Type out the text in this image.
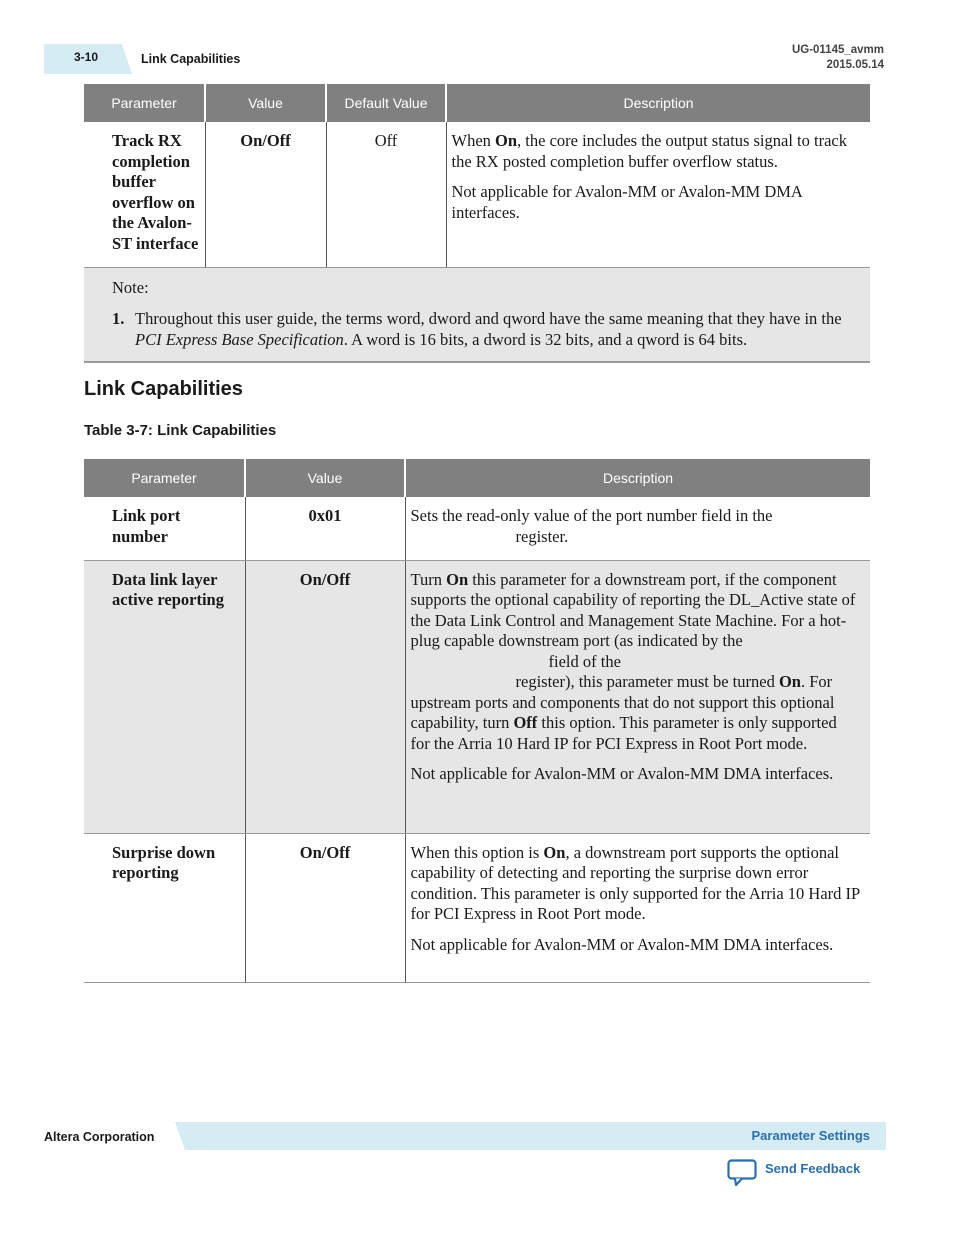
3-10	Link Capabilities
UG-01145_avmm
2015.05.14
Parameter	Value	Default Value	Description
Track RX completion buffer overflow on the Avalon-ST interface	On/Off	Off	When On, the core includes the output status signal to track the RX posted completion buffer overflow status.

Not applicable for Avalon-MM or Avalon-MM DMA interfaces.

Note:
1. Throughout this user guide, the terms word, dword and qword have the same meaning that they have in the PCI Express Base Specification. A word is 16 bits, a dword is 32 bits, and a qword is 64 bits.
Link Capabilities
Table 3-7: Link Capabilities
Parameter	Value	Description
Link port number	0x01	Sets the read-only value of the port number field in the
register.

Data link layer active reporting	On/Off	Turn On this parameter for a downstream port, if the component supports the optional capability of reporting the DL_Active state of the Data Link Control and Management State Machine. For a hot-plug capable downstream port (as indicated by thefield of the
register), this parameter must be turned On. For upstream ports and components that do not support this optional capability, turn Off this option. This parameter is only supported for the Arria 10 Hard IP for PCI Express in Root Port mode.

Not applicable for Avalon-MM or Avalon-MM DMA interfaces.

Surprise down reporting	On/Off	When this option is On, a downstream port supports the optional capability of detecting and reporting the surprise down error condition. This parameter is only supported for the Arria 10 Hard IP for PCI Express in Root Port mode.

Not applicable for Avalon-MM or Avalon-MM DMA interfaces.

Altera Corporation	Parameter Settings
Send Feedback
